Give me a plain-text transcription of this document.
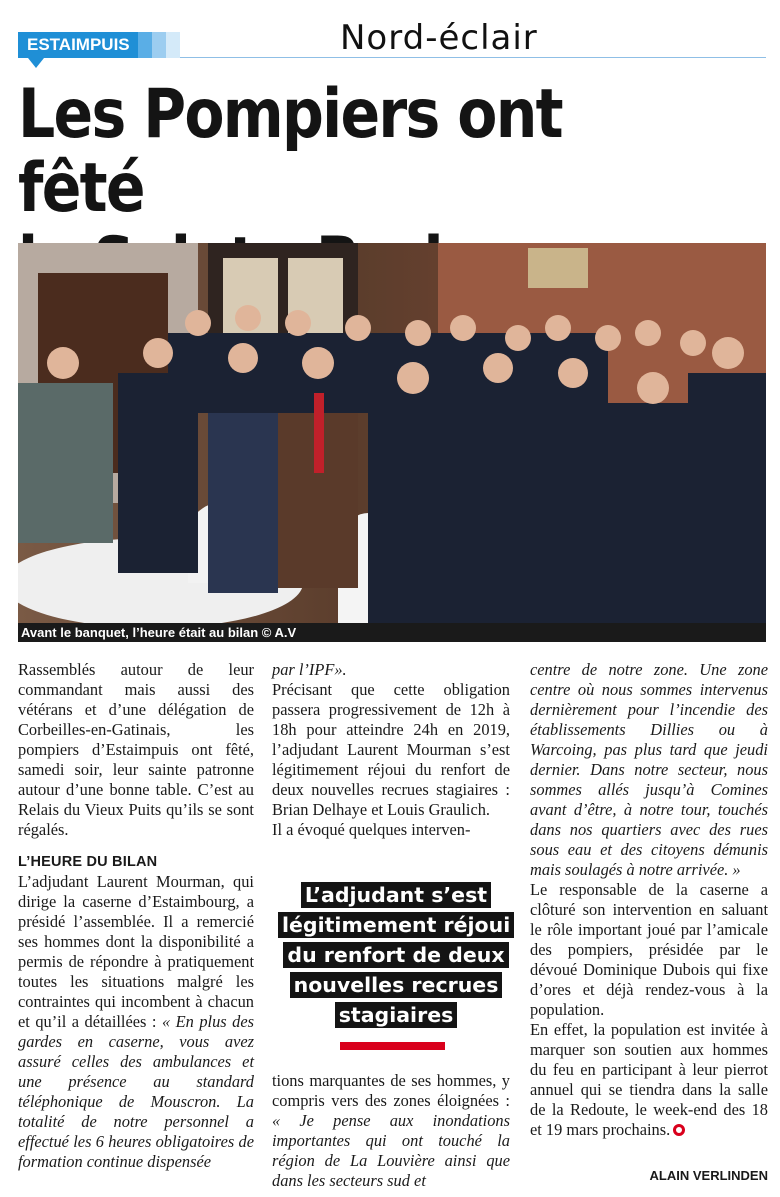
ESTAIMPUIS	Nord-éclair
Les Pompiers ont fêté

Avant le banquet, l’heure était au bilan © A.V

Rassemblés autour de leur commandant mais aussi des vétérans et d’une délégation de Corbeilles-en-Gatinais, les pompiers d’Estaimpuis ont fêté, samedi soir, leur sainte patronne autour d’une bonne table. C’est au Relais du Vieux Puits qu’ils se sont régalés.

L’HEURE DU BILAN

L’adjudant Laurent Mourman, qui dirige la caserne d’Estaimbourg, a présidé l’assemblée. Il a remercié ses hommes dont la disponibilité a permis de répondre à pratiquement toutes les situations malgré les contraintes qui incombent à chacun et qu’il a détaillées : « En plus des gardes en caserne, vous avez assuré celles des ambulances et une présence au standard téléphonique de Mouscron. La totalité de notre personnel a effectué les 6 heures obligatoires de formation continue dispensée

par l’IPF».

Précisant que cette obligation passera progressivement de 12h à 18h pour atteindre 24h en 2019, l’adjudant Laurent Mourman s’est légitimement réjoui du renfort de deux nouvelles recrues stagiaires : Brian Delhaye et Louis Graulich.

Il a évoqué quelques interven-

L’adjudant s’est légitimement réjoui du renfort de deux nouvelles recrues stagiaires

tions marquantes de ses hommes, y compris vers des zones éloignées : « Je pense aux inondations importantes qui ont touché la région de La Louvière ainsi que dans les secteurs sud et

centre de notre zone. Une zone centre où nous sommes intervenus dernièrement pour l’incendie des établissements Dillies ou à Warcoing, pas plus tard que jeudi dernier. Dans notre secteur, nous sommes allés jusqu’à Comines avant d’être, à notre tour, touchés dans nos quartiers avec des rues sous eau et des citoyens démunis mais soulagés à notre arrivée. »

Le responsable de la caserne a clôturé son intervention en saluant le rôle important joué par l’amicale des pompiers, présidée par le dévoué Dominique Dubois qui fixe d’ores et déjà rendez-vous à la population.

En effet, la population est invitée à marquer son soutien aux hommes du feu en participant à leur pierrot annuel qui se tiendra dans la salle de la Redoute, le week-end des 18 et 19 mars prochains.

ALAIN VERLINDEN
